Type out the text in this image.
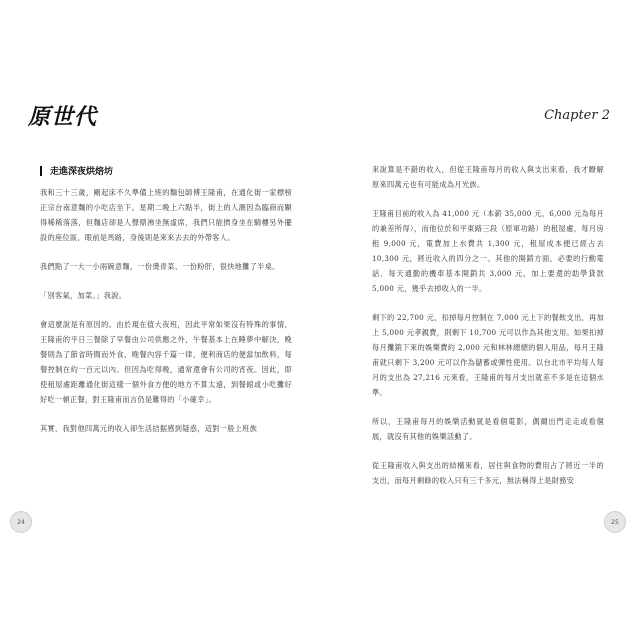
原世代
走進深夜烘焙坊

我和三十三歲，剛起床不久準備上班的麵包師傅王隆甫，在通化街一家標榜正宗台南意麵的小吃店坐下。星期二晚上六點半，街上的人潮因為臨商而顯得稀稀落落，但麵店卻是人聲鼎沸坐無虛席，我們只能擠身坐在騎樓另外擺設的座位區，眼前是馬路，身後則是來來去去的外帶客人。

我們點了一大一小兩碗意麵，一份燙青菜、一份粉肝，很快地攤了半桌。

「別客氣，加菜。」我說。

會這麼說是有原因的。由於現在值大夜班，因此平常如果沒有特殊的事情，王隆甫的平日三餐除了早餐由公司供應之外，午餐基本上在睡夢中解決，晚餐則為了節省時間而外食，晚餐內容千篇一律，便利商店的便當加飲料，每餐控制在約一百元以內。但因為吃得晚，通常還會有公司的宵夜。因此，即使租屋處距離通化街這樣一個外食方便的地方不算太遠，到餐館或小吃攤好好吃一頓正餐，對王隆甫而言仍是難得的「小確幸」。

其實，我對他四萬元的收入卻生活拮据感到疑惑，這對一般上班族

24
Chapter 2

來說算是不錯的收入，但從王隆甫每月的收入與支出來看，我才瞭解原來四萬元也有可能成為月光族。

王隆甫目前的收入為 41,000 元（本薪 35,000 元，6,000 元為每月的兼差所得），而他位於和平東路三段（原軍功路）的租屋處，每月房租 9,000 元，電費加上水費共 1,300 元，租屋成本便已經占去 10,300 元，將近收入的四分之一。其他的開銷方面，必要的行動電話、每天通勤的機車基本開銷共 3,000 元，加上要還的助學貸款 5,000 元，幾乎去掉收入的一半。

剩下的 22,700 元，扣掉每月控制在 7,000 元上下的餐飲支出，再加上 5,000 元孝親費，則剩下 10,700 元可以作為其他支用。如果扣掉每月攤銷下來的娛樂費約 2,000 元和林林總總的個人用品，每月王隆甫就只剩下 3,200 元可以作為儲蓄或彈性使用。以台北市平均每人每月的支出為 27,216 元來看，王隆甫的每月支出就差不多是在這個水準。

所以，王隆甫每月的娛樂活動就是看個電影，偶爾出門走走或看個展，就沒有其他的娛樂活動了。

從王隆甫收入與支出的結構來看，居住與食物的費用占了將近一半的支出，而每月剩餘的收入只有三千多元，無法稱得上是財務安

25
